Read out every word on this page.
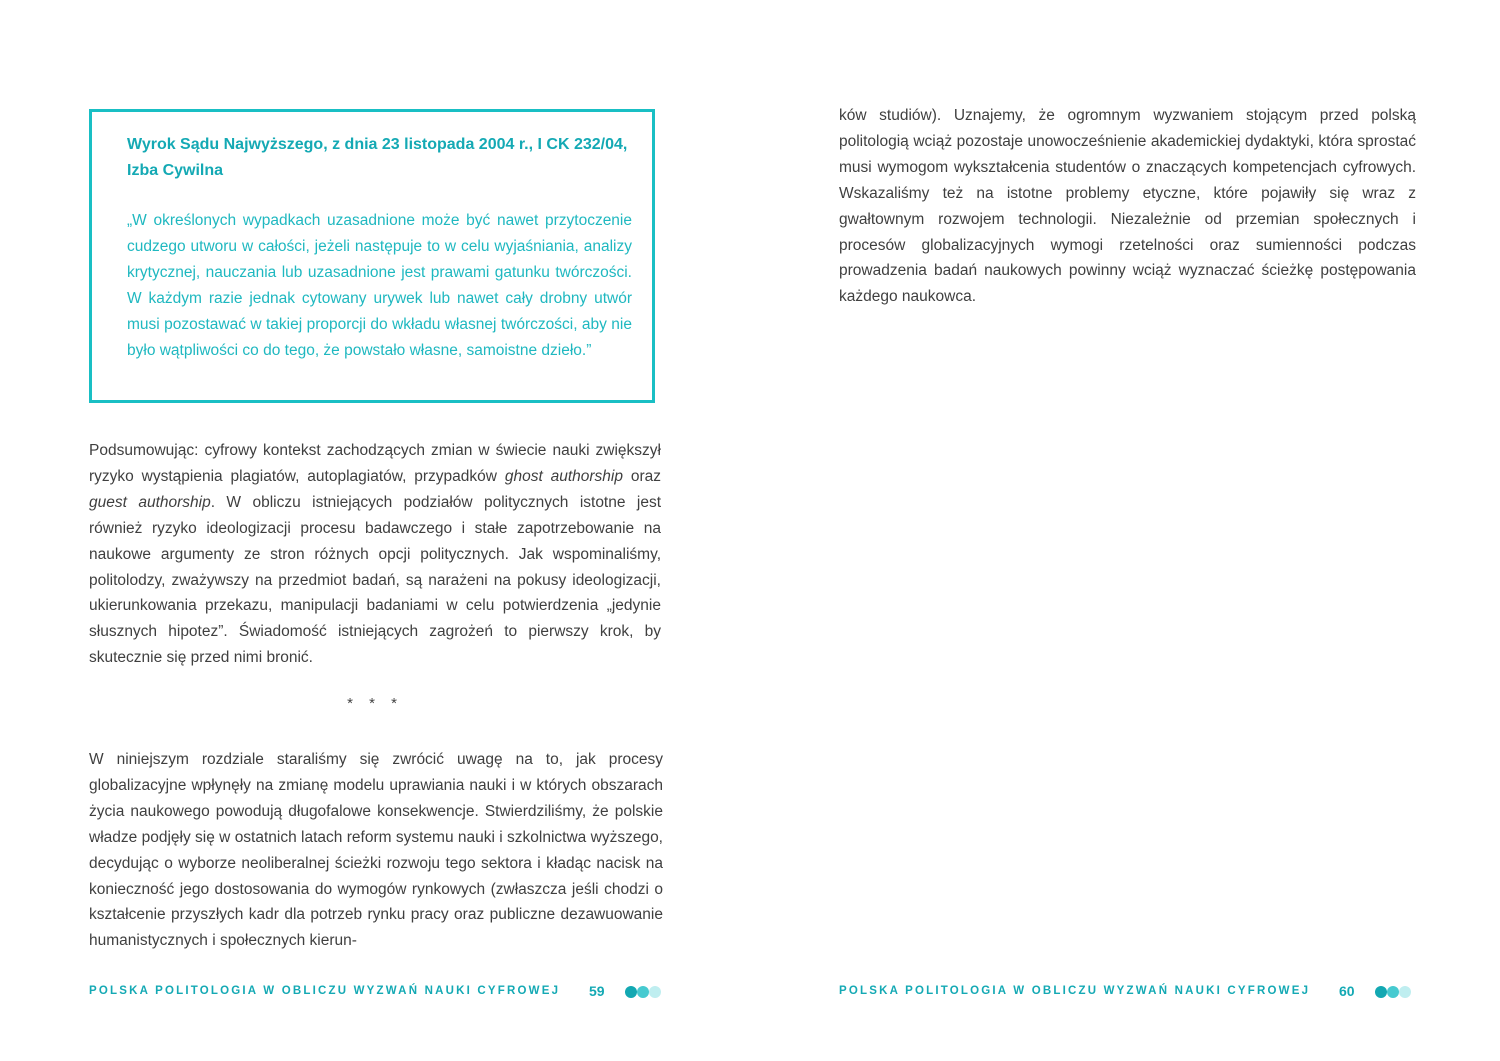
Wyrok Sądu Najwyższego, z dnia 23 listopada 2004 r., I CK 232/04, Izba Cywilna

„W określonych wypadkach uzasadnione może być nawet przytoczenie cudzego utworu w całości, jeżeli następuje to w celu wyjaśniania, analizy krytycznej, nauczania lub uzasadnione jest prawami gatunku twórczości. W każdym razie jednak cytowany urywek lub nawet cały drobny utwór musi pozostawać w takiej proporcji do wkładu własnej twórczości, aby nie było wątpliwości co do tego, że powstało własne, samoistne dzieło.”

Podsumowując: cyfrowy kontekst zachodzących zmian w świecie nauki zwiększył ryzyko wystąpienia plagiatów, autoplagiatów, przypadków ghost authorship oraz guest authorship. W obliczu istniejących podziałów politycznych istotne jest również ryzyko ideologizacji procesu badawczego i stałe zapotrzebowanie na naukowe argumenty ze stron różnych opcji politycznych. Jak wspominaliśmy, politolodzy, zważywszy na przedmiot badań, są narażeni na pokusy ideologizacji, ukierunkowania przekazu, manipulacji badaniami w celu potwierdzenia „jedynie słusznych hipotez”. Świadomość istniejących zagrożeń to pierwszy krok, by skutecznie się przed nimi bronić.

* * *

W niniejszym rozdziale staraliśmy się zwrócić uwagę na to, jak procesy globalizacyjne wpłynęły na zmianę modelu uprawiania nauki i w których obszarach życia naukowego powodują długofalowe konsekwencje. Stwierdziliśmy, że polskie władze podjęły się w ostatnich latach reform systemu nauki i szkolnictwa wyższego, decydując o wyborze neoliberalnej ścieżki rozwoju tego sektora i kładąc nacisk na konieczność jego dostosowania do wymogów rynkowych (zwłaszcza jeśli chodzi o kształcenie przyszłych kadr dla potrzeb rynku pracy oraz publiczne dezawuowanie humanistycznych i społecznych kierun-

POLSKA POLITOLOGIA W OBLICZU WYZWAŃ NAUKI CYFROWEJ 59

ków studiów). Uznajemy, że ogromnym wyzwaniem stojącym przed polską politologią wciąż pozostaje unowocześnienie akademickiej dydaktyki, która sprostać musi wymogom wykształcenia studentów o znaczących kompetencjach cyfrowych. Wskazaliśmy też na istotne problemy etyczne, które pojawiły się wraz z gwałtownym rozwojem technologii. Niezależnie od przemian społecznych i procesów globalizacyjnych wymogi rzetelności oraz sumienności podczas prowadzenia badań naukowych powinny wciąż wyznaczać ścieżkę postępowania każdego naukowca.

POLSKA POLITOLOGIA W OBLICZU WYZWAŃ NAUKI CYFROWEJ 60
